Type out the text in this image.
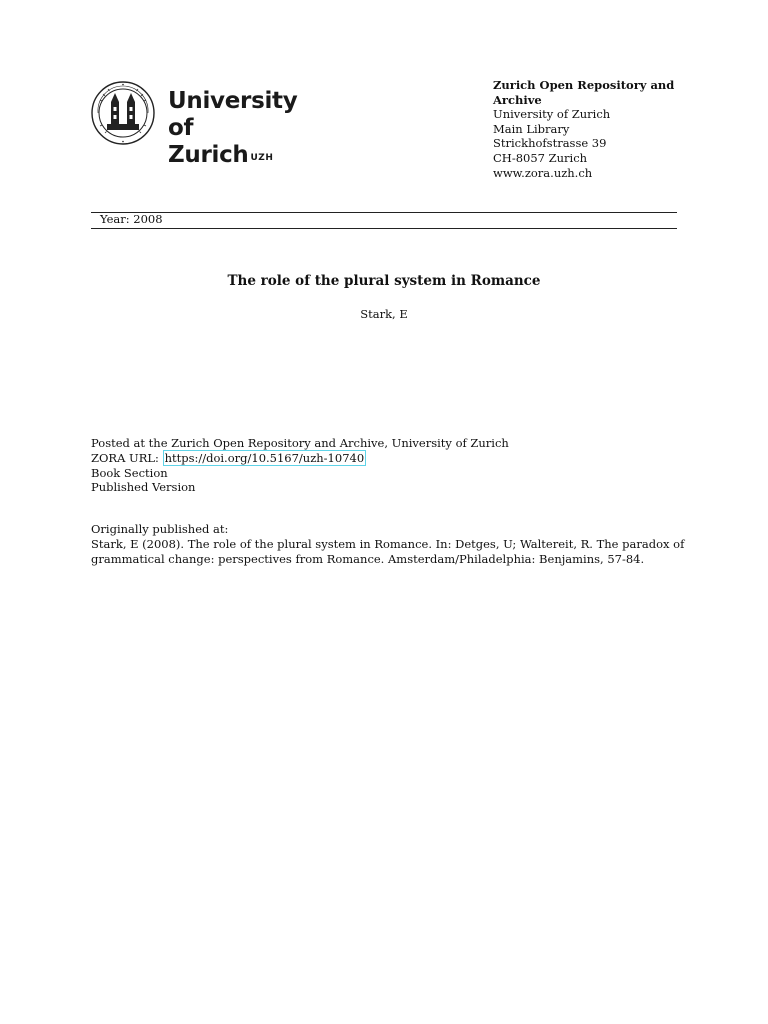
University of
Zurich $^{UZH}$
Zurich Open Repository and
Archive
University of Zurich
Main Library
Strickhofstrasse 39
CH-8057 Zurich
www.zora.uzh.ch
Year: 2008
The role of the plural system in Romance
Stark, E
Posted at the Zurich Open Repository and Archive, University of Zurich
ZORA URL: https://doi.org/10.5167/uzh-10740
Book Section
Published Version
Originally published at:
Stark, E (2008). The role of the plural system in Romance. In: Detges, U; Waltereit, R. The paradox of
grammatical change: perspectives from Romance. Amsterdam/Philadelphia: Benjamins, 57-84.
